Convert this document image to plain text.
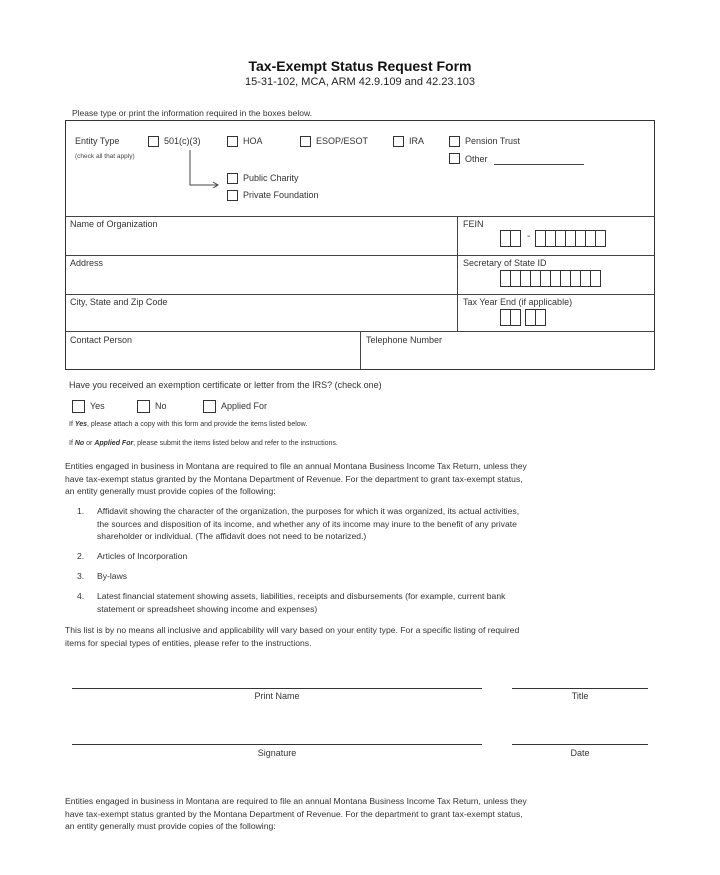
Tax-Exempt Status Request Form
15-31-102, MCA, ARM 42.9.109 and 42.23.103
Please type or print the information required in the boxes below.
Entity Type
(check all that apply)
501(c)(3)	HOA	ESOP/ESOT	IRA	Pension Trust
Other
Public Charity
Private Foundation
Name of Organization	FEIN
-
Address	Secretary of State ID
City, State and Zip Code	Tax Year End (if applicable)
Contact Person	Telephone Number
Have you received an exemption certificate or letter from the IRS? (check one)
Yes	No	Applied For
If Yes, please attach a copy with this form and provide the items listed below.
If No or Applied For, please submit the items listed below and refer to the instructions.
Entities engaged in business in Montana are required to file an annual Montana Business Income Tax Return, unless they
have tax-exempt status granted by the Montana Department of Revenue. For the department to grant tax-exempt status,
an entity generally must provide copies of the following:
1. Affidavit showing the character of the organization, the purposes for which it was organized, its actual activities,
the sources and disposition of its income, and whether any of its income may inure to the benefit of any private
shareholder or individual. (The affidavit does not need to be notarized.)
2. Articles of Incorporation
3. By-laws
4. Latest financial statement showing assets, liabilities, receipts and disbursements (for example, current bank
statement or spreadsheet showing income and expenses)
This list is by no means all inclusive and applicability will vary based on your entity type. For a specific listing of required
items for special types of entities, please refer to the instructions.
Print Name	Title
Signature	Date
Entities engaged in business in Montana are required to file an annual Montana Business Income Tax Return, unless they
have tax-exempt status granted by the Montana Department of Revenue. For the department to grant tax-exempt status,
an entity generally must provide copies of the following:
